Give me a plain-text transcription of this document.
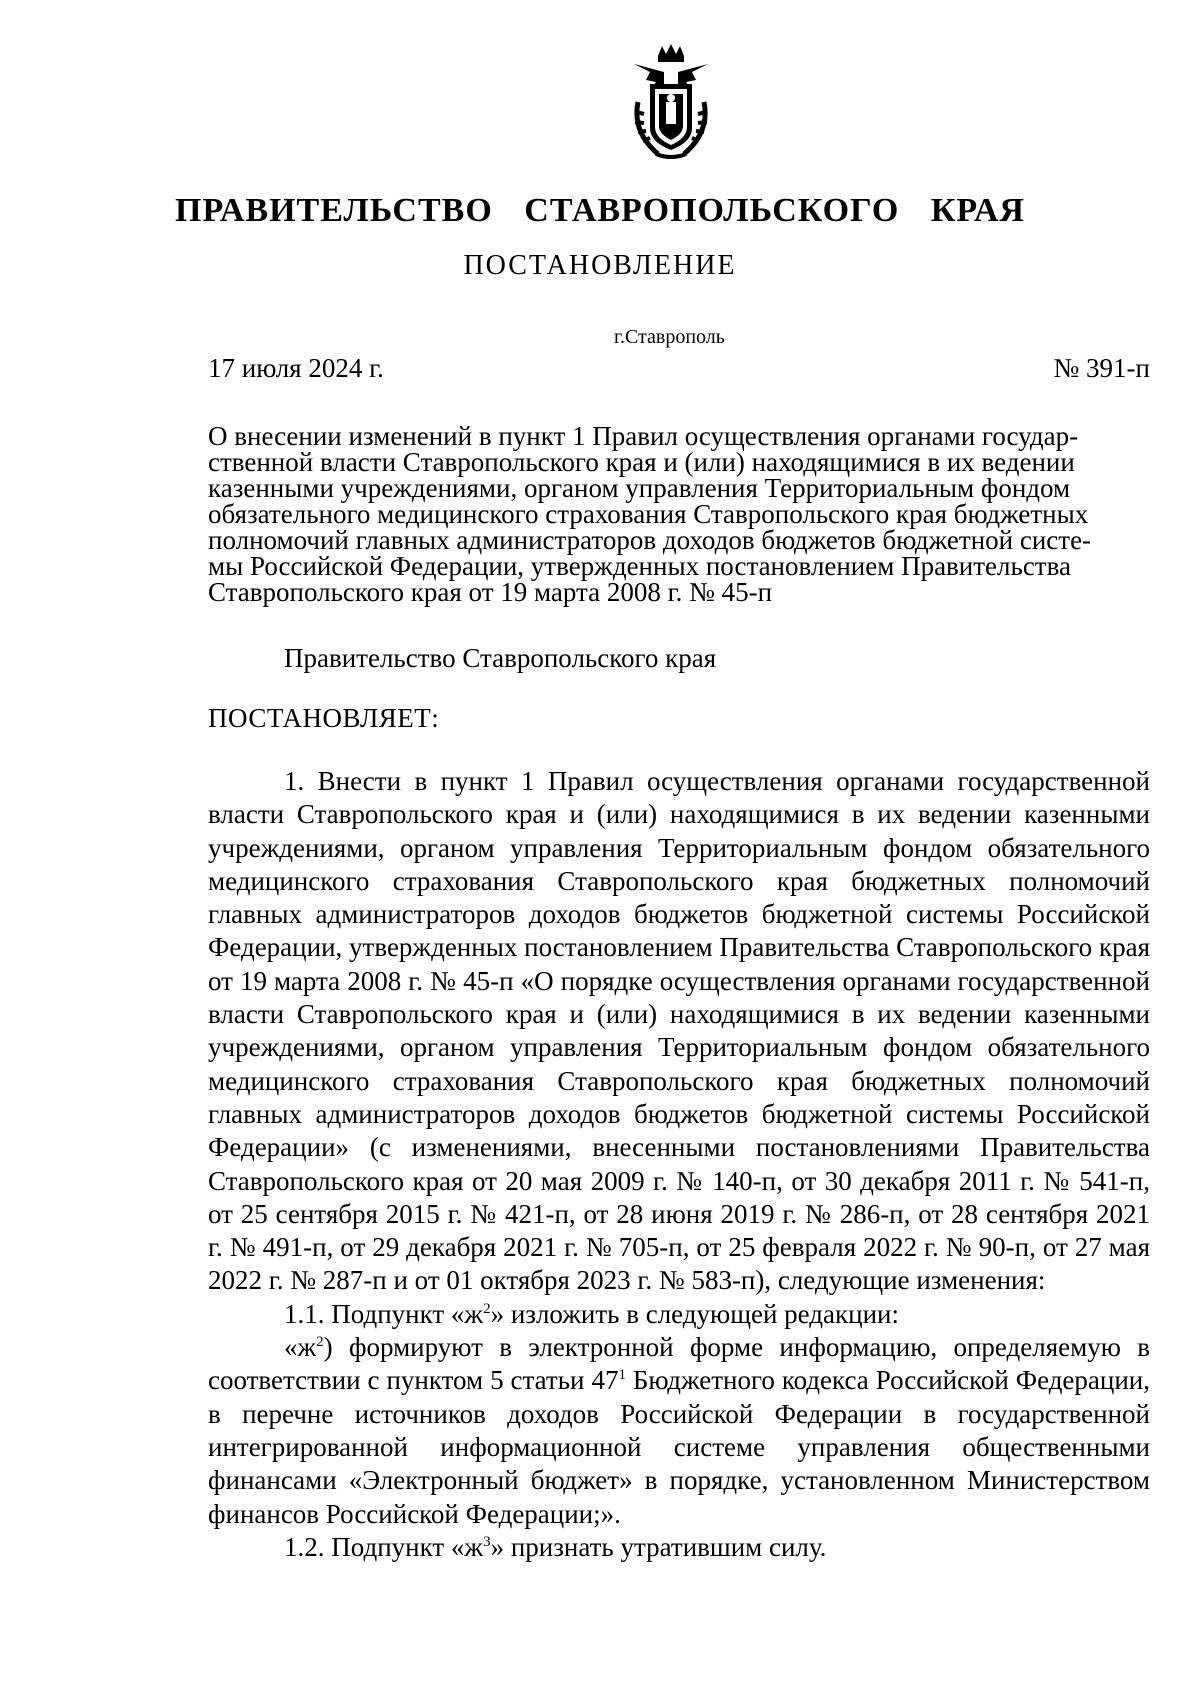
ПРАВИТЕЛЬСТВО СТАВРОПОЛЬСКОГО КРАЯ
ПОСТАНОВЛЕНИЕ
г.Ставрополь
17 июля 2024 г.	№ 391-п
О внесении изменений в пункт 1 Правил осуществления органами государ-
ственной власти Ставропольского края и (или) находящимися в их ведении
казенными учреждениями, органом управления Территориальным фондом
обязательного медицинского страхования Ставропольского края бюджетных
полномочий главных администраторов доходов бюджетов бюджетной систе-
мы Российской Федерации, утвержденных постановлением Правительства
Ставропольского края от 19 марта 2008 г. № 45-п
Правительство Ставропольского края
ПОСТАНОВЛЯЕТ:

1. Внести в пункт 1 Правил осуществления органами государственной власти Ставропольского края и (или) находящимися в их ведении казенными учреждениями, органом управления Территориальным фондом обязательного медицинского страхования Ставропольского края бюджетных полномочий главных администраторов доходов бюджетов бюджетной системы Российской Федерации, утвержденных постановлением Правительства Ставропольского края от 19 марта 2008 г. № 45-п «О порядке осуществления органами государственной власти Ставропольского края и (или) находящимися в их ведении казенными учреждениями, органом управления Территориальным фондом обязательного медицинского страхования Ставропольского края бюджетных полномочий главных администраторов доходов бюджетов бюджетной системы Российской Федерации» (с изменениями, внесенными постановлениями Правительства Ставропольского края от 20 мая 2009 г. № 140-п, от 30 декабря 2011 г. № 541-п, от 25 сентября 2015 г. № 421-п, от 28 июня 2019 г. № 286-п, от 28 сентября 2021 г. № 491-п, от 29 декабря 2021 г. № 705-п, от 25 февраля 2022 г. № 90-п, от 27 мая 2022 г. № 287-п и от 01 октября 2023 г. № 583-п), следующие изменения:

1.1. Подпункт «$ж^2$» изложить в следующей редакции:

«$ж^2$) формируют в электронной форме информацию, определяемую в соответствии с пунктом 5 статьи $47^1$ Бюджетного кодекса Российской Федерации, в перечне источников доходов Российской Федерации в государственной интегрированной информационной системе управления общественными финансами «Электронный бюджет» в порядке, установленном Министерством финансов Российской Федерации;».

1.2. Подпункт «$ж^3$» признать утратившим силу.
